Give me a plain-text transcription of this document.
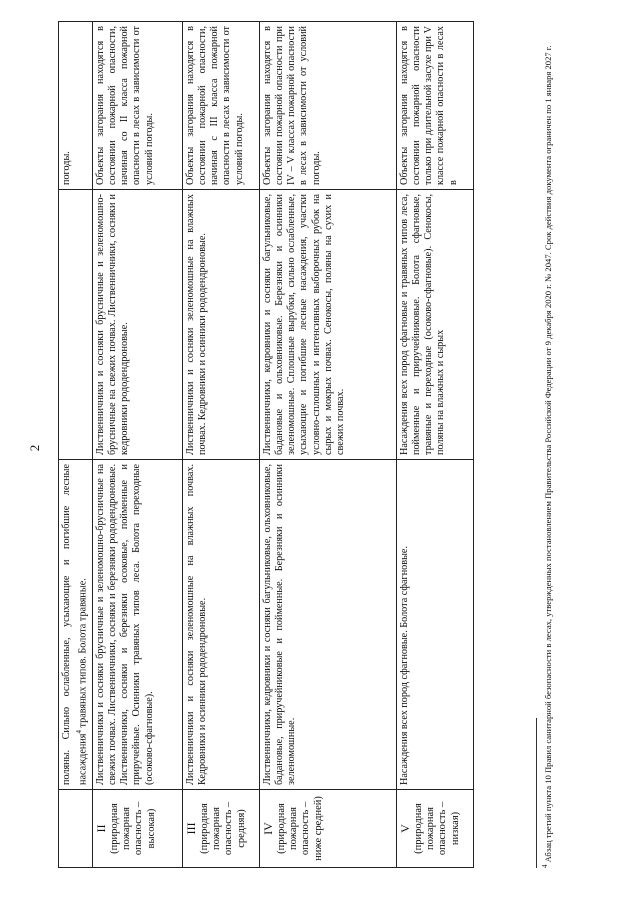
2
	поляны. Сильно ослабленные, усыхающие и погибшие лесные насаждения$^4$ травяных типов. Болота травяные.		погоды.

II (природная пожарная опасность – высокая)	Лиственничники и сосняки брусничные и зеленомошно-брусничные на свежих почвах. Лиственничники, сосняки и березняки рододендроновые. Лиственничники, сосняки и березняки осоковые, пойменные и приручейные. Осинники травяных типов леса. Болота переходные (осоково-сфагновые).	Лиственничники и сосняки брусничные и зеленомошно-брусничные на свежих почвах. Лиственничники, сосняки и кедровники рододендроновые.	Объекты загорания находятся в состоянии пожарной опасности, начиная со II класса пожарной опасности в лесах в зависимости от условий погоды.

III (природная пожарная опасность – средняя)	Лиственничники и сосняки зеленомошные на влажных почвах. Кедровники и осинники рододендроновые.	Лиственничники и сосняки зеленомошные на влажных почвах. Кедровники и осинники рододендроновые.	Объекты загорания находятся в состоянии пожарной опасности, начиная с III класса пожарной опасности в лесах в зависимости от условий погоды.

IV (природная пожарная опасность – ниже средней)	Лиственничники, кедровники и сосняки багульниковые, ольховниковые, бадановые, приручейниковые и пойменные. Березняки и осинники зеленомошные.	Лиственничники, кедровники и сосняки багульниковые, бадановые и ольховниковые. Березняки и осинники зеленомошные. Сплошные вырубки, сильно ослабленные, усыхающие и погибшие лесные насаждения, участки условно-сплошных и интенсивных выборочных рубок на сырых и мокрых почвах. Сенокосы, поляны на сухих и свежих почвах.	Объекты загорания находятся в состоянии пожарной опасности при IV – V классах пожарной опасности в лесах в зависимости от условий погоды.

V (природная пожарная опасность – низкая)	Насаждения всех пород сфагновые. Болота сфагновые.	Насаждения всех пород сфагновые и травяных типов леса, пойменные и приручейниковые. Болота сфагновые, травяные и переходные (осоково-сфагновые). Сенокосы, поляны на влажных и сырых	Объекты загорания находятся в состоянии пожарной опасности только при длительной засухе при V классе пожарной опасности в лесах в
$^4$ Абзац третий пункта 10 Правил санитарной безопасности в лесах, утвержденных постановлением Правительства Российской Федерации от 9 декабря 2020 г. № 2047. Срок действия документа ограничен по 1 января 2027 г.
